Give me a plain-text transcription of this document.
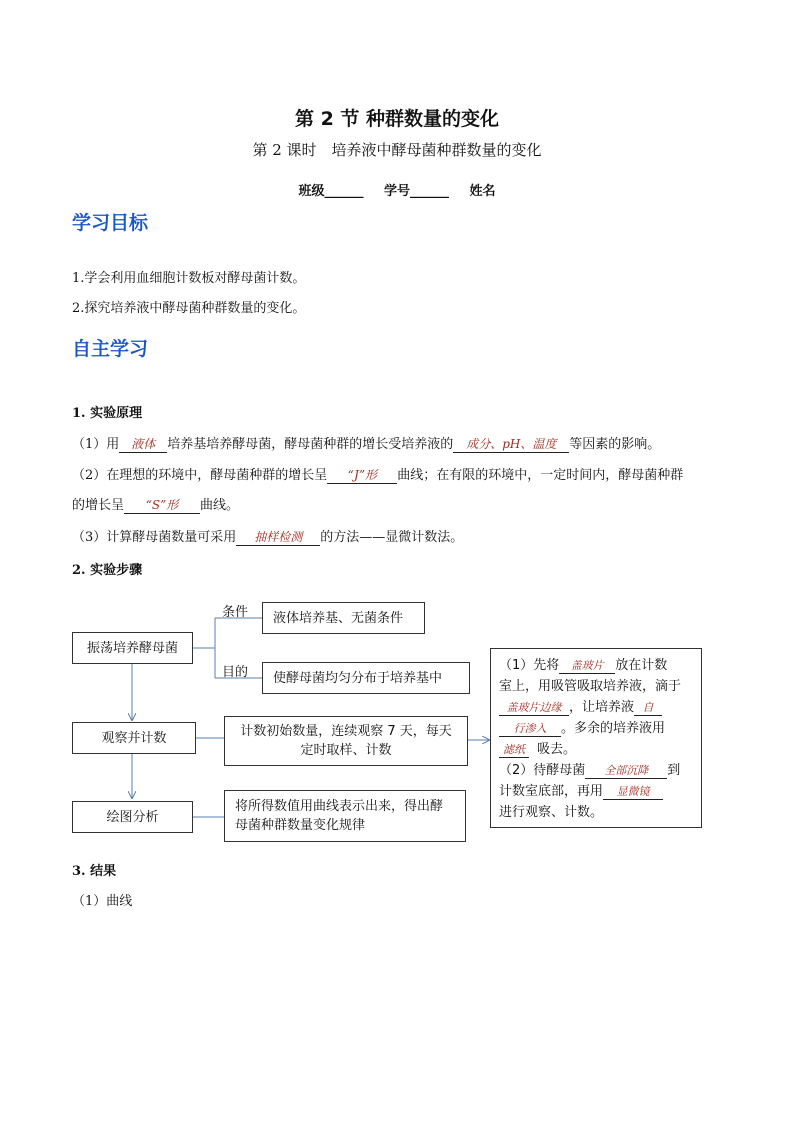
第 2 节 种群数量的变化
第 2 课时　培养液中酵母菌种群数量的变化
班级______ 学号______ 姓名
学习目标
1.学会利用血细胞计数板对酵母菌计数。
2.探究培养液中酵母菌种群数量的变化。
自主学习
1. 实验原理
（1）用 液体 培养基培养酵母菌，酵母菌种群的增长受培养液的 成分、pH、温度 等因素的影响。
（2）在理想的环境中，酵母菌种群的增长呈 “J”形 曲线；在有限的环境中，一定时间内，酵母菌种群
的增长呈 “S”形 曲线。
（3）计算酵母菌数量可采用 抽样检测 的方法——显微计数法。
2. 实验步骤
振荡培养酵母菌
观察并计数
绘图分析
条件
目的
液体培养基、无菌条件
使酵母菌均匀分布于培养基中
计数初始数量，连续观察 7 天，每天
定时取样、计数
将所得数值用曲线表示出来，得出酵
母菌种群数量变化规律
（1）先将 盖玻片 放在计数
室上，用吸管吸取培养液，滴于
盖玻片边缘 ，让培养液 自
行渗入 。多余的培养液用
滤纸 吸去。
（2）待酵母菌 全部沉降 到
计数室底部，再用 显微镜
进行观察、计数。
3. 结果
（1）曲线
